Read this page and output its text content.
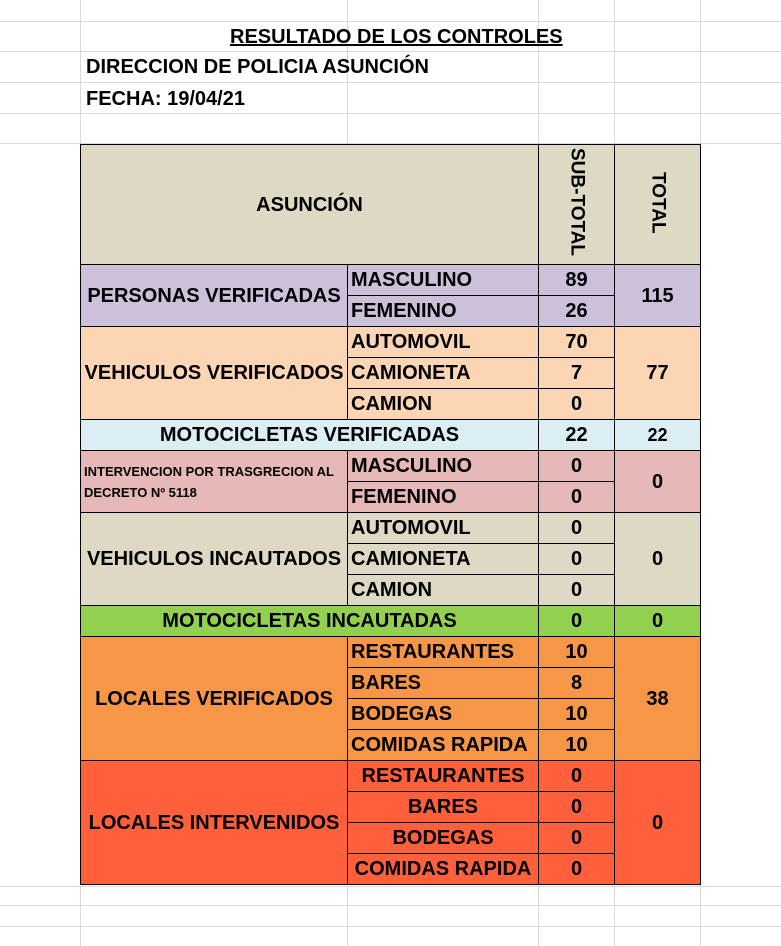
RESULTADO DE LOS CONTROLES
DIRECCION DE POLICIA ASUNCIÓN
FECHA: 19/04/21
ASUNCIÓN		SUB-TOTAL	TOTAL
PERSONAS VERIFICADAS	MASCULINO	89	115
	FEMENINO	26	
VEHICULOS VERIFICADOS	AUTOMOVIL	70	77
	CAMIONETA	7	
	CAMION	0	
MOTOCICLETAS VERIFICADAS		22	22
INTERVENCION POR TRASGRECION AL DECRETO Nº 5118	MASCULINO	0	0
	FEMENINO	0	
VEHICULOS INCAUTADOS	AUTOMOVIL	0	0
	CAMIONETA	0	
	CAMION	0	
MOTOCICLETAS INCAUTADAS		0	0
LOCALES VERIFICADOS	RESTAURANTES	10	38
	BARES	8	
	BODEGAS	10	
	COMIDAS RAPIDA	10	
LOCALES INTERVENIDOS	RESTAURANTES	0	0
	BARES	0	
	BODEGAS	0	
	COMIDAS RAPIDA	0	
